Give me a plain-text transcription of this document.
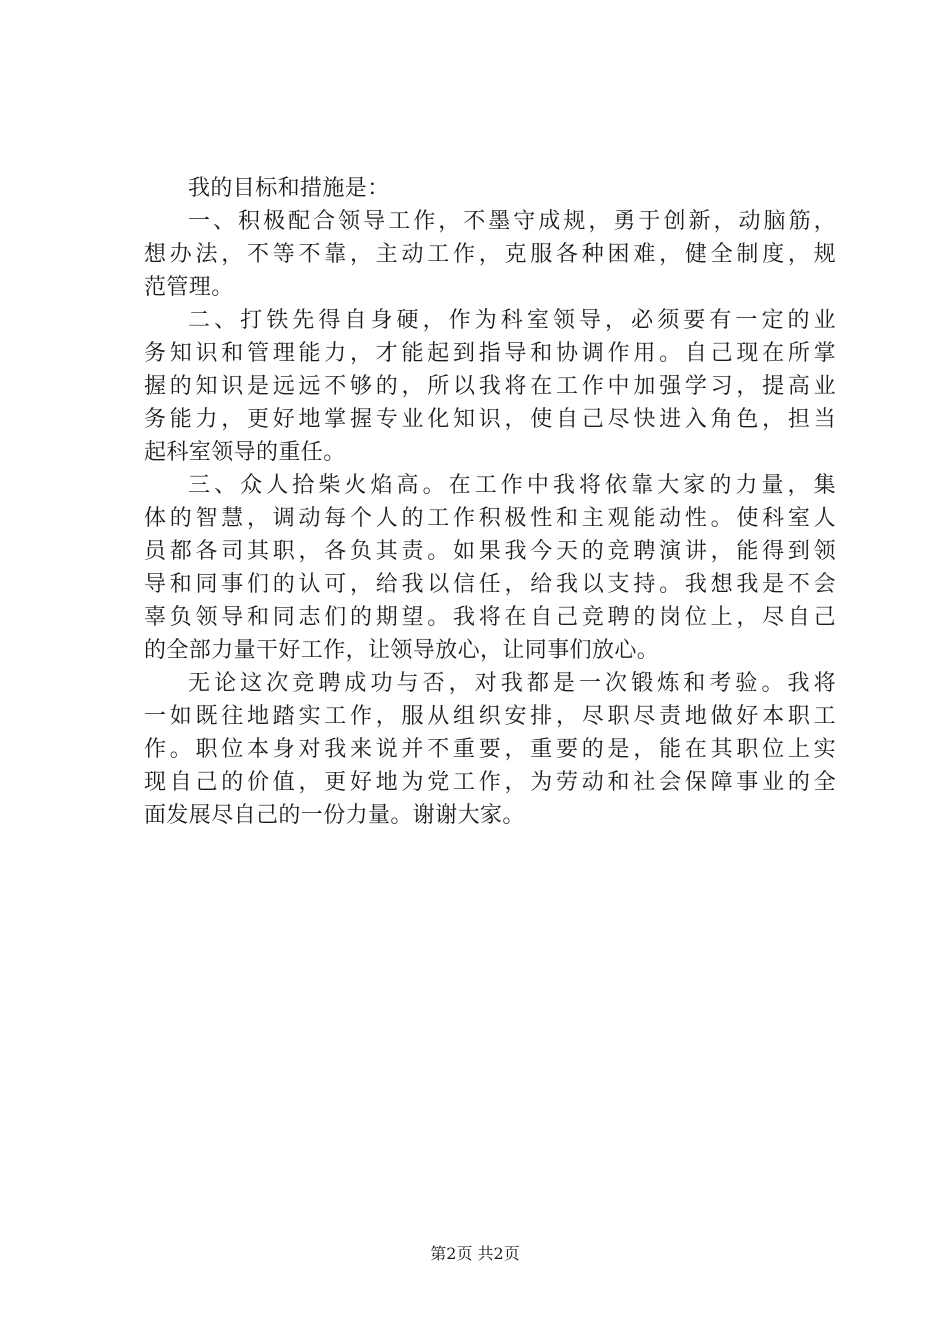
我的目标和措施是：
一、积极配合领导工作，不墨守成规，勇于创新，动脑筋，
想办法，不等不靠，主动工作，克服各种困难，健全制度，规
范管理。
二、打铁先得自身硬，作为科室领导，必须要有一定的业
务知识和管理能力，才能起到指导和协调作用。自己现在所掌
握的知识是远远不够的，所以我将在工作中加强学习，提高业
务能力，更好地掌握专业化知识，使自己尽快进入角色，担当
起科室领导的重任。
三、众人拾柴火焰高。在工作中我将依靠大家的力量，集
体的智慧，调动每个人的工作积极性和主观能动性。使科室人
员都各司其职，各负其责。如果我今天的竞聘演讲，能得到领
导和同事们的认可，给我以信任，给我以支持。我想我是不会
辜负领导和同志们的期望。我将在自己竞聘的岗位上，尽自己
的全部力量干好工作，让领导放心，让同事们放心。
无论这次竞聘成功与否，对我都是一次锻炼和考验。我将
一如既往地踏实工作，服从组织安排，尽职尽责地做好本职工
作。职位本身对我来说并不重要，重要的是，能在其职位上实
现自己的价值，更好地为党工作，为劳动和社会保障事业的全
面发展尽自己的一份力量。谢谢大家。
第2页 共2页
